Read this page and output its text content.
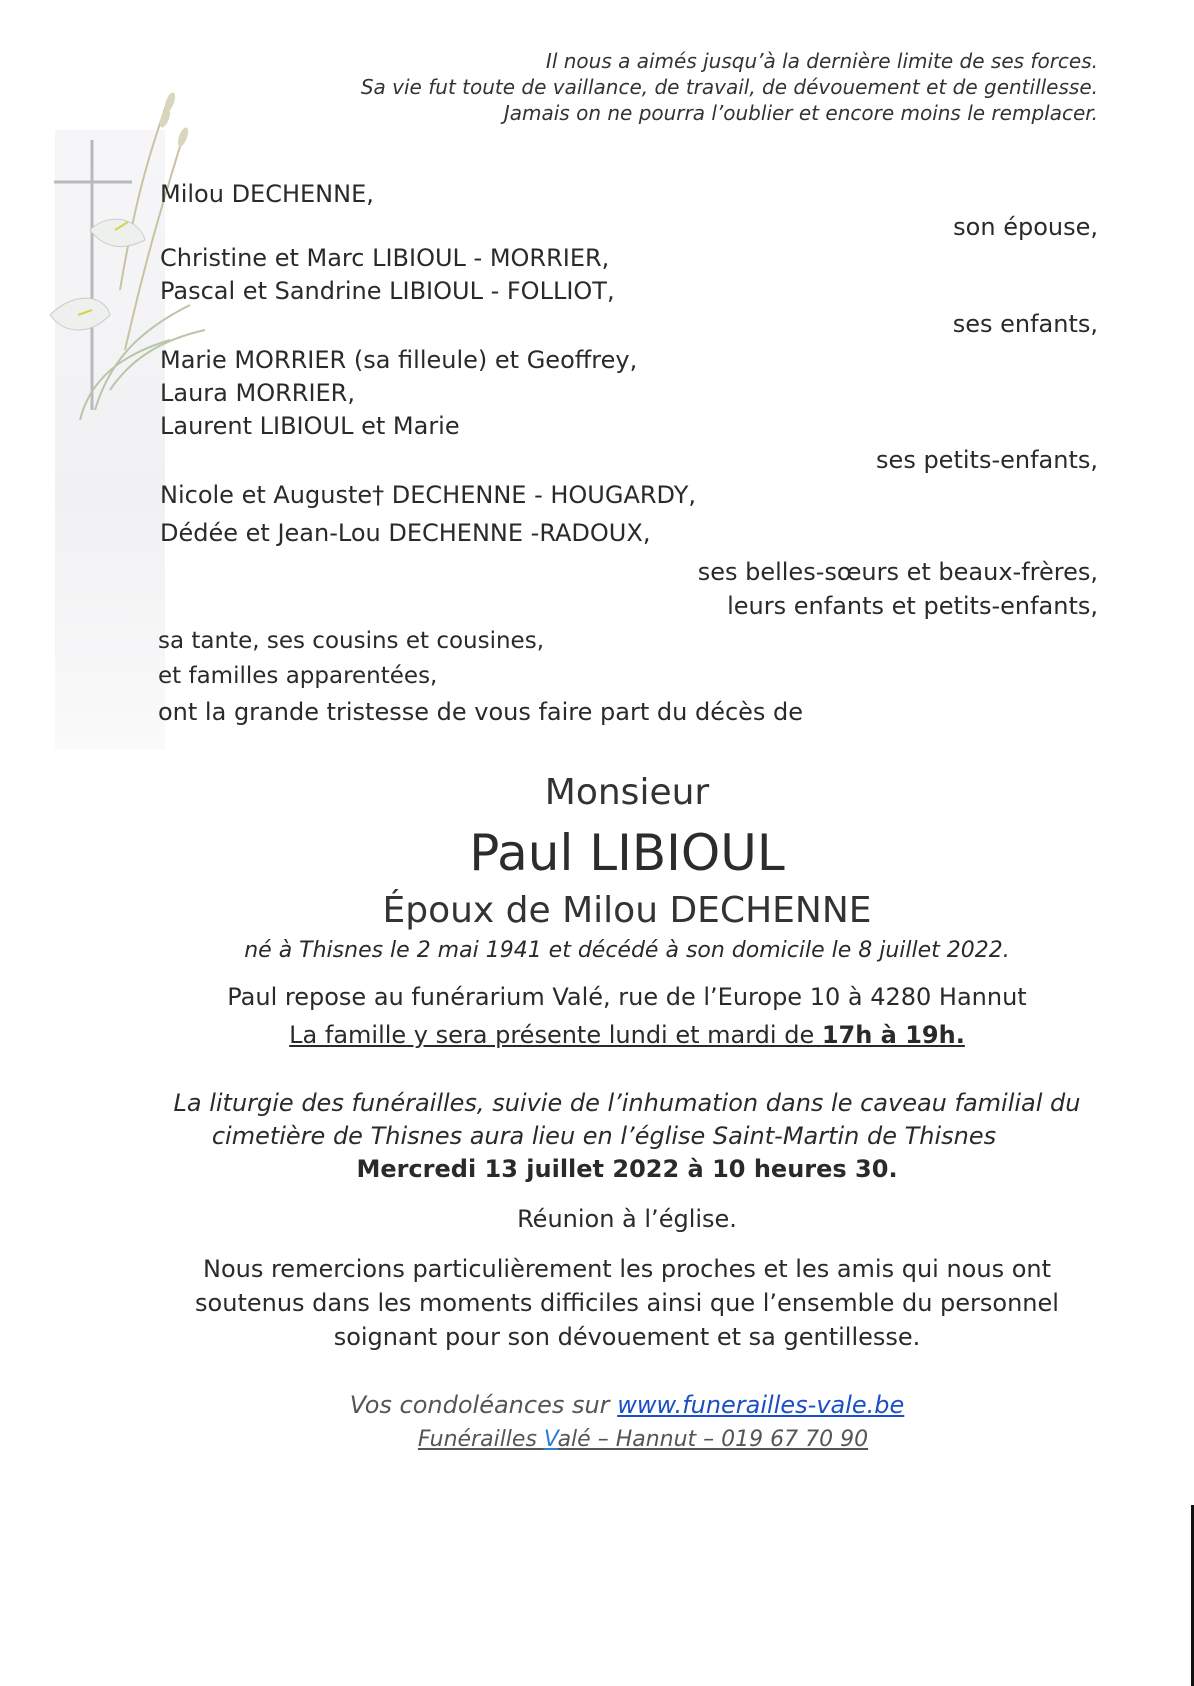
Il nous a aimés jusqu’à la dernière limite de ses forces.
Sa vie fut toute de vaillance, de travail, de dévouement et de gentillesse.
Jamais on ne pourra l’oublier et encore moins le remplacer.
Milou DECHENNE,
son épouse,
Christine et Marc LIBIOUL - MORRIER,
Pascal et Sandrine LIBIOUL - FOLLIOT,
ses enfants,
Marie MORRIER (sa filleule) et Geoffrey,
Laura MORRIER,
Laurent LIBIOUL et Marie
ses petits-enfants,
Nicole et Auguste† DECHENNE - HOUGARDY,
Dédée et Jean-Lou DECHENNE -RADOUX,
ses belles-sœurs et beaux-frères,
leurs enfants et petits-enfants,
sa tante, ses cousins et cousines,
et familles apparentées,
ont la grande tristesse de vous faire part du décès de
Monsieur
Paul LIBIOUL
Époux de Milou DECHENNE
né à Thisnes le 2 mai 1941 et décédé à son domicile le 8 juillet 2022.
Paul repose au funérarium Valé, rue de l’Europe 10 à 4280 Hannut
La famille y sera présente lundi et mardi de 17h à 19h.
La liturgie des funérailles, suivie de l’inhumation dans le caveau familial du
cimetière de Thisnes aura lieu en l’église Saint-Martin de Thisnes
Mercredi 13 juillet 2022 à 10 heures 30.
Réunion à l’église.
Nous remercions particulièrement les proches et les amis qui nous ont
soutenus dans les moments difficiles ainsi que l’ensemble du personnel
soignant pour son dévouement et sa gentillesse.
Vos condoléances sur www.funerailles-vale.be
Funérailles Valé – Hannut – 019 67 70 90
